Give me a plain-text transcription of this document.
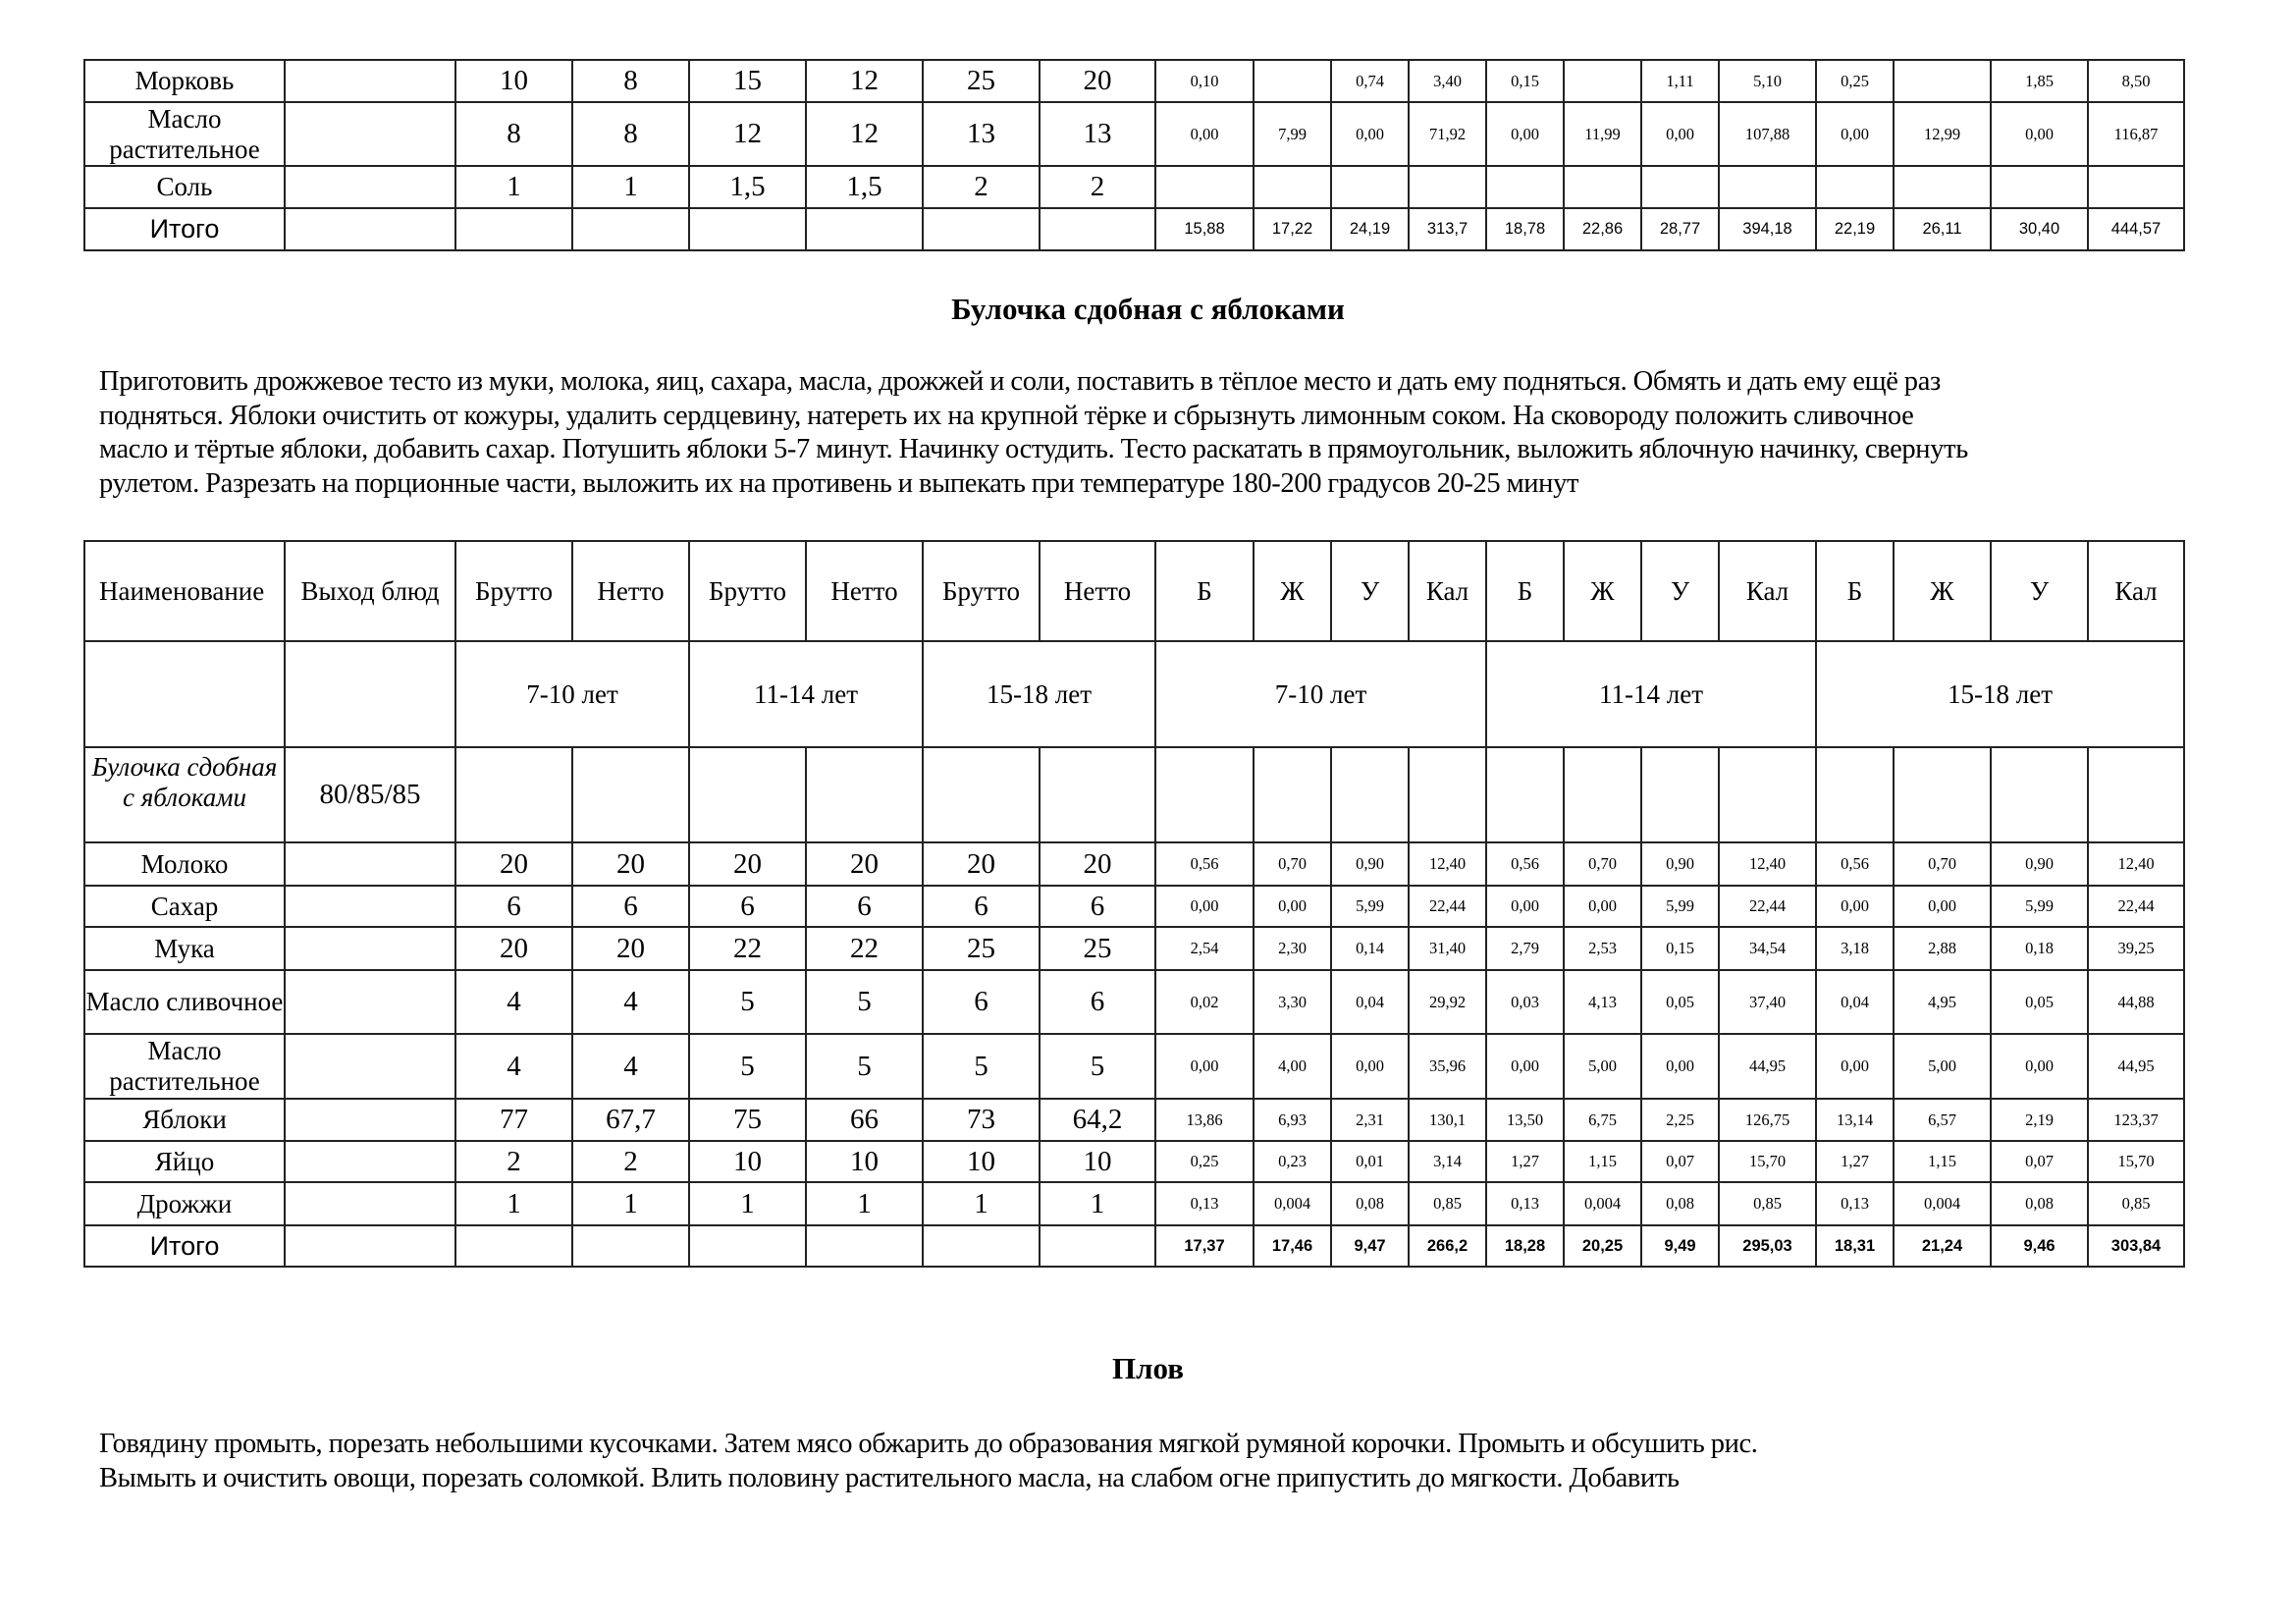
Морковь		10	8	15	12	25	20	0,10		0,74	3,40	0,15		1,11	5,10	0,25		1,85	8,50
Масло растительное		8	8	12	12	13	13	0,00	7,99	0,00	71,92	0,00	11,99	0,00	107,88	0,00	12,99	0,00	116,87
Соль		1	1	1,5	1,5	2	2												
Итого								15,88	17,22	24,19	313,7	18,78	22,86	28,77	394,18	22,19	26,11	30,40	444,57
Булочка сдобная с яблоками
Приготовить дрожжевое тесто из муки, молока, яиц, сахара, масла, дрожжей и соли, поставить в тёплое место и дать ему подняться. Обмять и дать ему ещё раз
подняться. Яблоки очистить от кожуры, удалить сердцевину, натереть их на крупной тёрке и сбрызнуть лимонным соком. На сковороду положить сливочное
масло и тёртые яблоки, добавить сахар. Потушить яблоки 5-7 минут. Начинку остудить. Тесто раскатать в прямоугольник, выложить яблочную начинку, свернуть
рулетом. Разрезать на порционные части, выложить их на противень и выпекать при температуре 180-200 градусов 20-25 минут
Наименование	Выход блюд	Брутто	Нетто	Брутто	Нетто	Брутто	Нетто	Б	Ж	У	Кал	Б	Ж	У	Кал	Б	Ж	У	Кал
		7-10 лет		11-14 лет		15-18 лет		7-10 лет				11-14 лет				15-18 лет			
Булочка сдобная с яблоками	80/85/85																		
Молоко		20	20	20	20	20	20	0,56	0,70	0,90	12,40	0,56	0,70	0,90	12,40	0,56	0,70	0,90	12,40
Сахар		6	6	6	6	6	6	0,00	0,00	5,99	22,44	0,00	0,00	5,99	22,44	0,00	0,00	5,99	22,44
Мука		20	20	22	22	25	25	2,54	2,30	0,14	31,40	2,79	2,53	0,15	34,54	3,18	2,88	0,18	39,25
Масло сливочное		4	4	5	5	6	6	0,02	3,30	0,04	29,92	0,03	4,13	0,05	37,40	0,04	4,95	0,05	44,88
Масло растительное		4	4	5	5	5	5	0,00	4,00	0,00	35,96	0,00	5,00	0,00	44,95	0,00	5,00	0,00	44,95
Яблоки		77	67,7	75	66	73	64,2	13,86	6,93	2,31	130,1	13,50	6,75	2,25	126,75	13,14	6,57	2,19	123,37
Яйцо		2	2	10	10	10	10	0,25	0,23	0,01	3,14	1,27	1,15	0,07	15,70	1,27	1,15	0,07	15,70
Дрожжи		1	1	1	1	1	1	0,13	0,004	0,08	0,85	0,13	0,004	0,08	0,85	0,13	0,004	0,08	0,85
Итого								17,37	17,46	9,47	266,2	18,28	20,25	9,49	295,03	18,31	21,24	9,46	303,84
Плов
Говядину промыть, порезать небольшими кусочками. Затем мясо обжарить до образования мягкой румяной корочки. Промыть и обсушить рис.
Вымыть и очистить овощи, порезать соломкой. Влить половину растительного масла, на слабом огне припустить до мягкости. Добавить
